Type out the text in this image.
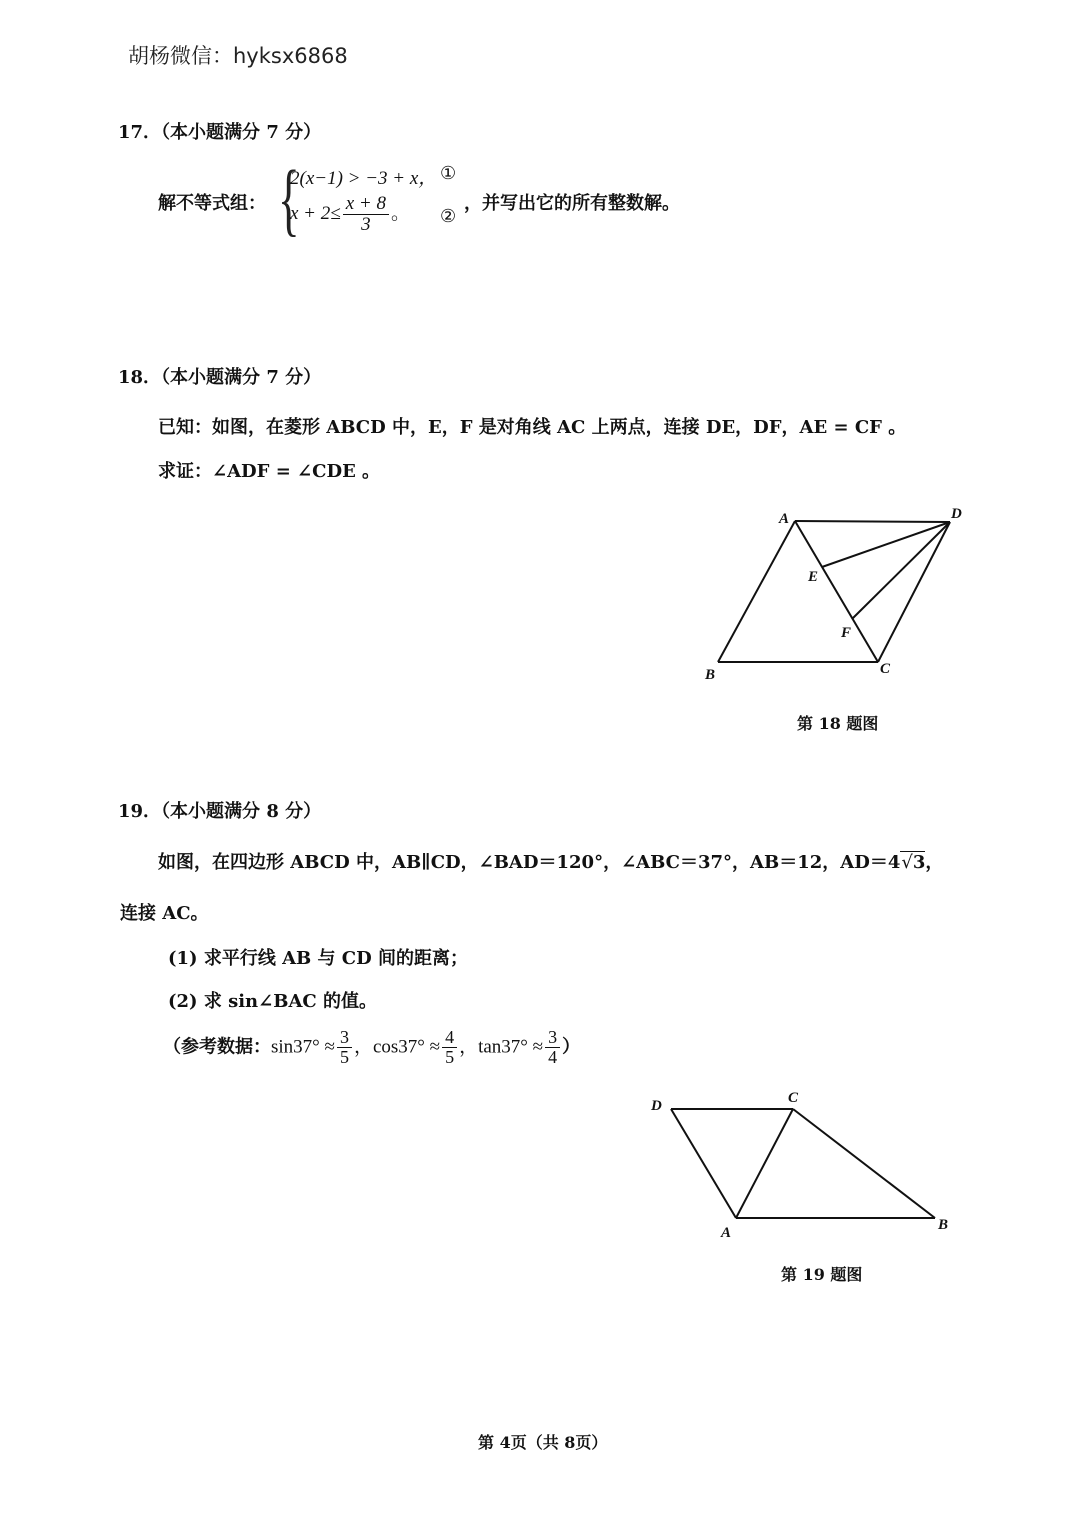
胡杨微信：hyksx6868
17．（本小题满分 7 分）
解不等式组： {
2(x−1) > −3 + x， ①
$x + 2\le \frac{x + 8}{3}$ 。 ②
，并写出它的所有整数解。
18．（本小题满分 7 分）
已知：如图，在菱形 ABCD 中，E，F 是对角线 AC 上两点，连接 DE，DF，AE = CF 。
求证：∠ADF = ∠CDE 。
A	D
E
F
B	C
第 18 题图
19．（本小题满分 8 分）
如图，在四边形 ABCD 中，AB∥CD，∠BAD＝120°，∠ABC＝37°，AB＝12，AD＝4√3，
连接 AC。
(1) 求平行线 AB 与 CD 间的距离；
(2) 求 sin∠BAC 的值。
（参考数据：$\sin 37^\circ \approx \frac{3}{5}$ ，$\cos 37^\circ \approx \frac{4}{5}$ ，$\tan 37^\circ \approx \frac{3}{4}$ ）
D	C
A	B
第 19 题图
第 4页（共 8页）
